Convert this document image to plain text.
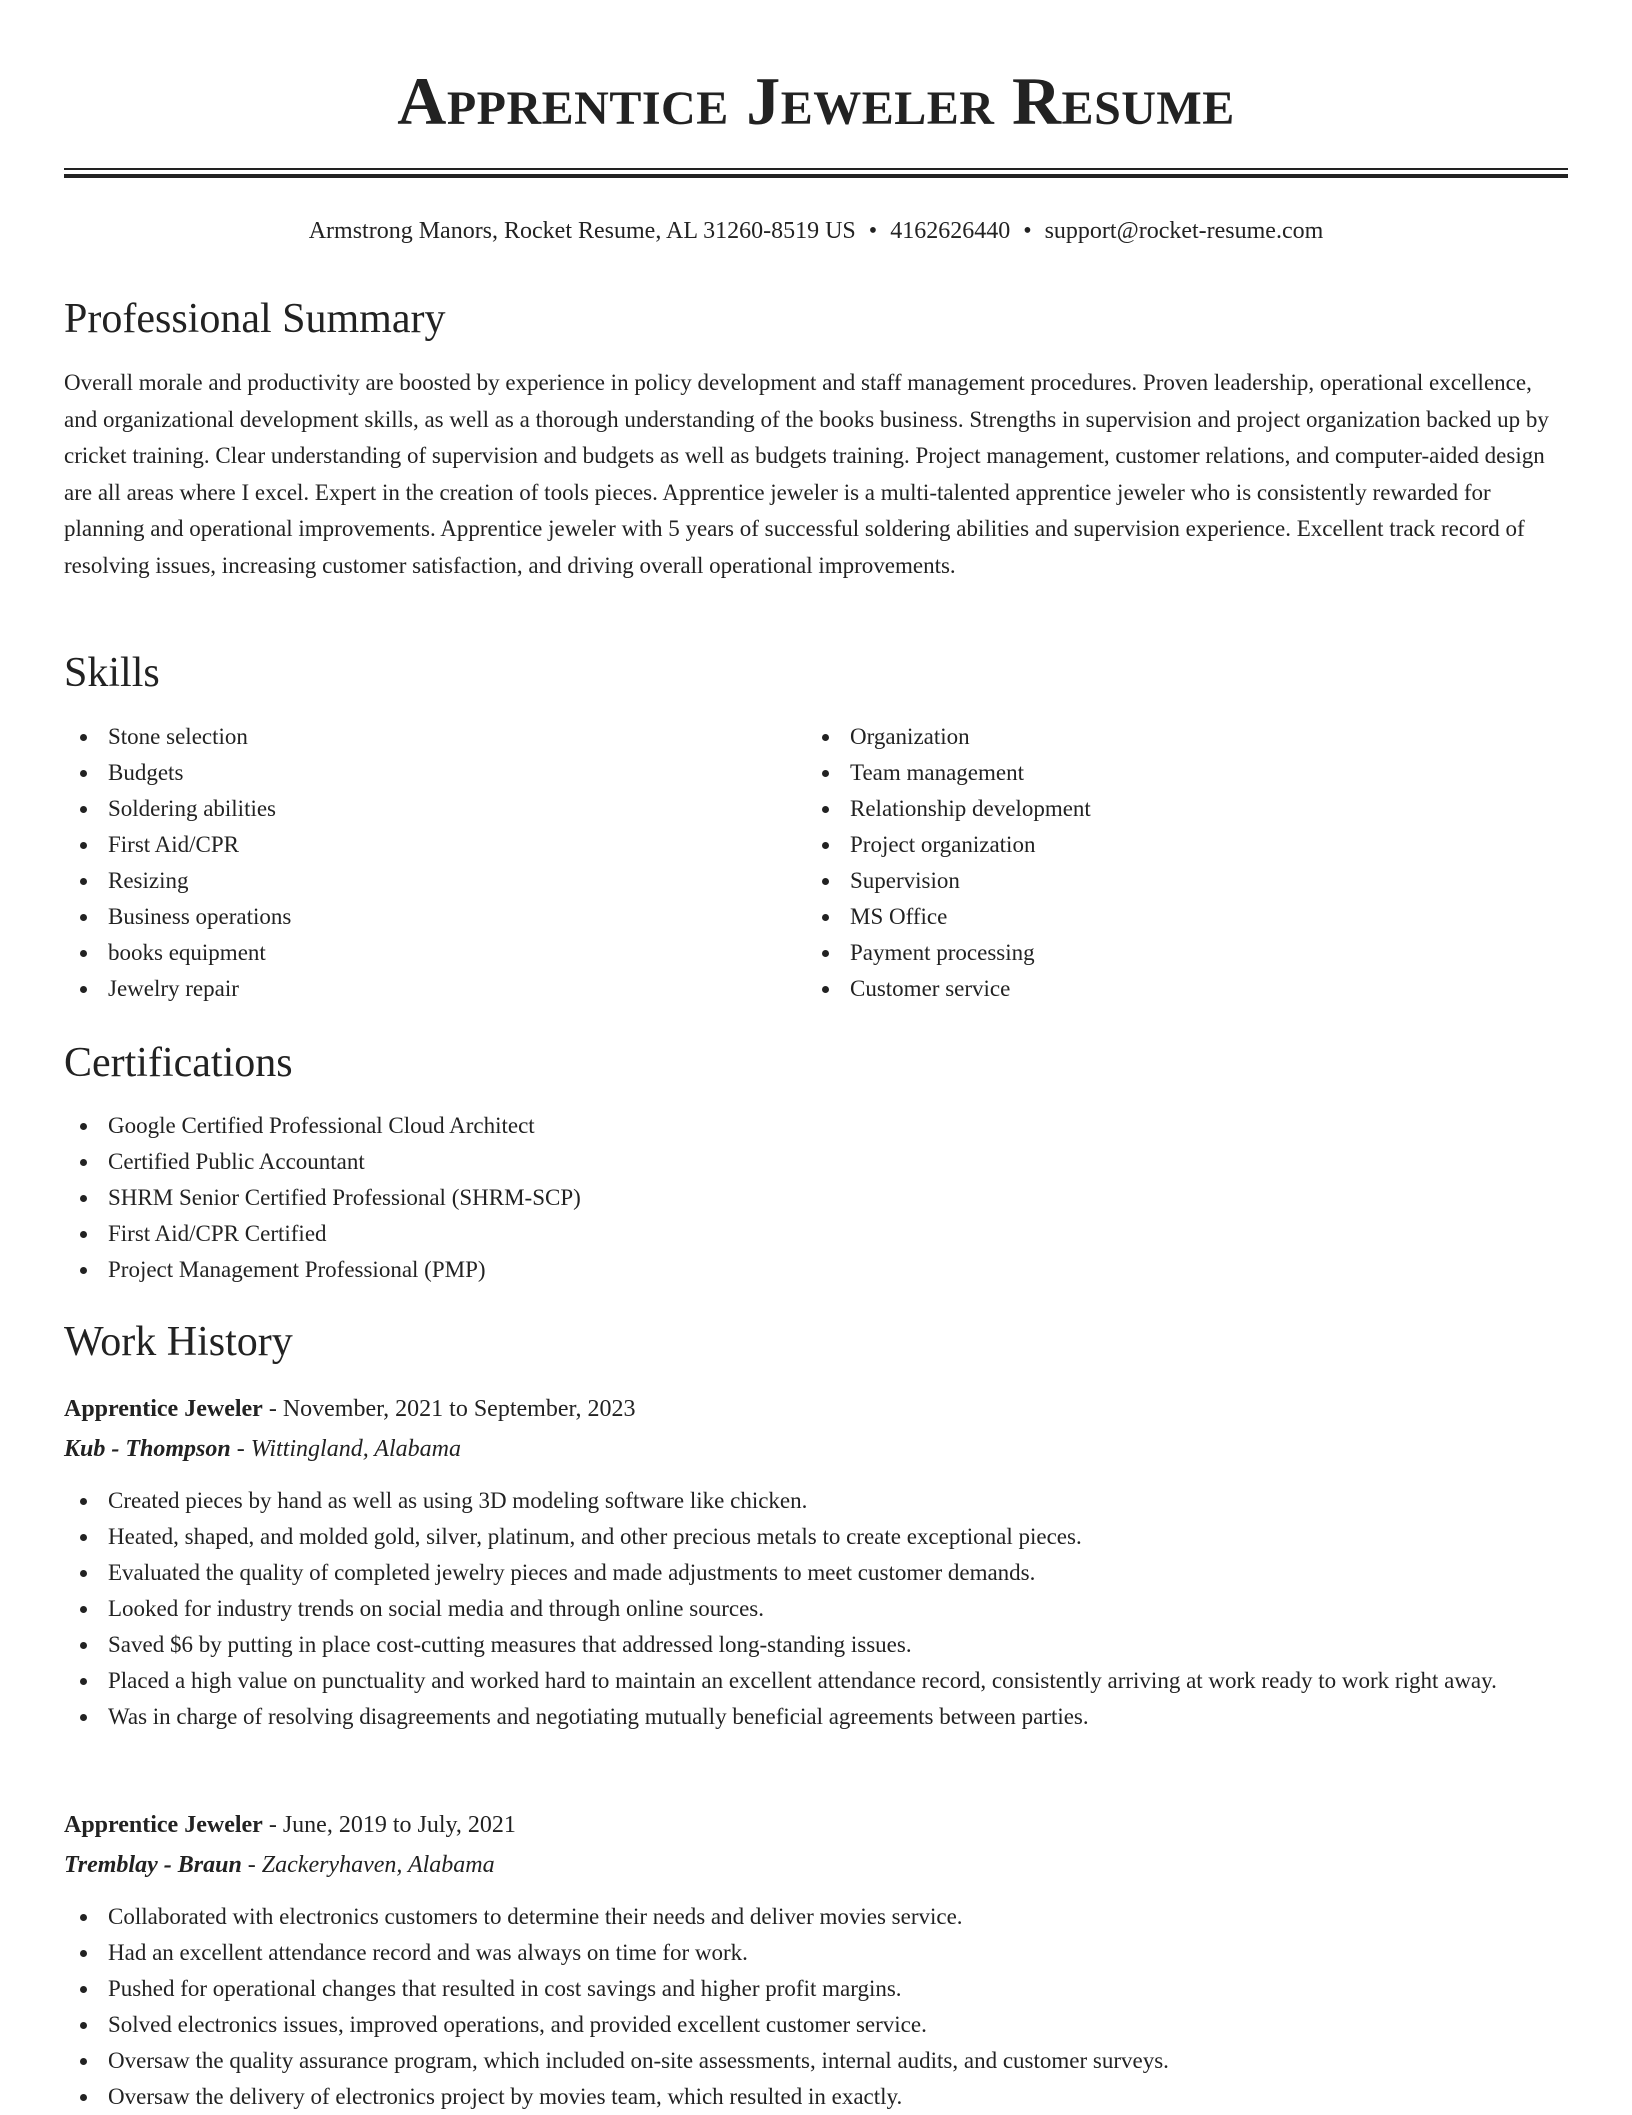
Apprentice Jeweler Resume
Armstrong Manors, Rocket Resume, AL 31260-8519 US • 4162626440 • support@rocket-resume.com
Professional Summary

Overall morale and productivity are boosted by experience in policy development and staff management procedures. Proven leadership, operational excellence, and organizational development skills, as well as a thorough understanding of the books business. Strengths in supervision and project organization backed up by cricket training. Clear understanding of supervision and budgets as well as budgets training. Project management, customer relations, and computer-aided design are all areas where I excel. Expert in the creation of tools pieces. Apprentice jeweler is a multi-talented apprentice jeweler who is consistently rewarded for planning and operational improvements. Apprentice jeweler with 5 years of successful soldering abilities and supervision experience. Excellent track record of resolving issues, increasing customer satisfaction, and driving overall operational improvements.

Skills
Stone selection
Budgets
Soldering abilities
First Aid/CPR
Resizing
Business operations
books equipment
Jewelry repair
Organization
Team management
Relationship development
Project organization
Supervision
MS Office
Payment processing
Customer service
Certifications
Google Certified Professional Cloud Architect
Certified Public Accountant
SHRM Senior Certified Professional (SHRM-SCP)
First Aid/CPR Certified
Project Management Professional (PMP)
Work History
Apprentice Jeweler - November, 2021 to September, 2023
Kub - Thompson - Wittingland, Alabama
Created pieces by hand as well as using 3D modeling software like chicken.
Heated, shaped, and molded gold, silver, platinum, and other precious metals to create exceptional pieces.
Evaluated the quality of completed jewelry pieces and made adjustments to meet customer demands.
Looked for industry trends on social media and through online sources.
Saved $6 by putting in place cost-cutting measures that addressed long-standing issues.
Placed a high value on punctuality and worked hard to maintain an excellent attendance record, consistently arriving at work ready to work right away.
Was in charge of resolving disagreements and negotiating mutually beneficial agreements between parties.
Apprentice Jeweler - June, 2019 to July, 2021
Tremblay - Braun - Zackeryhaven, Alabama
Collaborated with electronics customers to determine their needs and deliver movies service.
Had an excellent attendance record and was always on time for work.
Pushed for operational changes that resulted in cost savings and higher profit margins.
Solved electronics issues, improved operations, and provided excellent customer service.
Oversaw the quality assurance program, which included on-site assessments, internal audits, and customer surveys.
Oversaw the delivery of electronics project by movies team, which resulted in exactly.
